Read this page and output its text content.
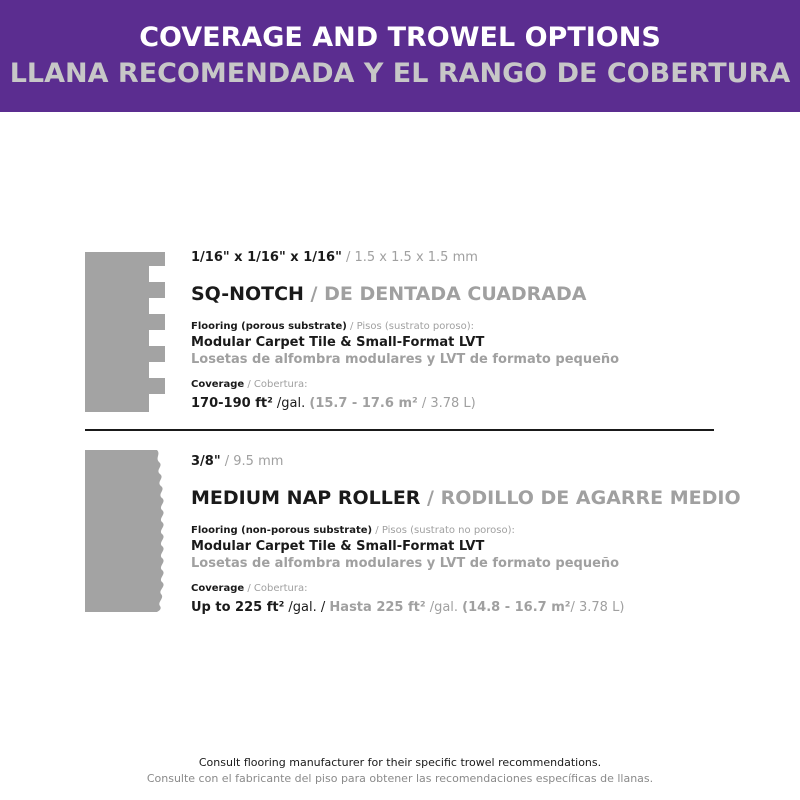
COVERAGE AND TROWEL OPTIONS
LLANA RECOMENDADA Y EL RANGO DE COBERTURA
1/16" x 1/16" x 1/16" / 1.5 x 1.5 x 1.5 mm
SQ-NOTCH / DE DENTADA CUADRADA
Flooring (porous substrate) / Pisos (sustrato poroso):
Modular Carpet Tile & Small-Format LVT
Losetas de alfombra modulares y LVT de formato pequeño
Coverage / Cobertura:
170-190 ft² /gal. (15.7 - 17.6 m² / 3.78 L)
3/8" / 9.5 mm
MEDIUM NAP ROLLER / RODILLO DE AGARRE MEDIO
Flooring (non-porous substrate) / Pisos (sustrato no poroso):
Modular Carpet Tile & Small-Format LVT
Losetas de alfombra modulares y LVT de formato pequeño
Coverage / Cobertura:
Up to 225 ft² /gal. / Hasta 225 ft² /gal. (14.8 - 16.7 m²/ 3.78 L)
Consult flooring manufacturer for their specific trowel recommendations.
Consulte con el fabricante del piso para obtener las recomendaciones específicas de llanas.
